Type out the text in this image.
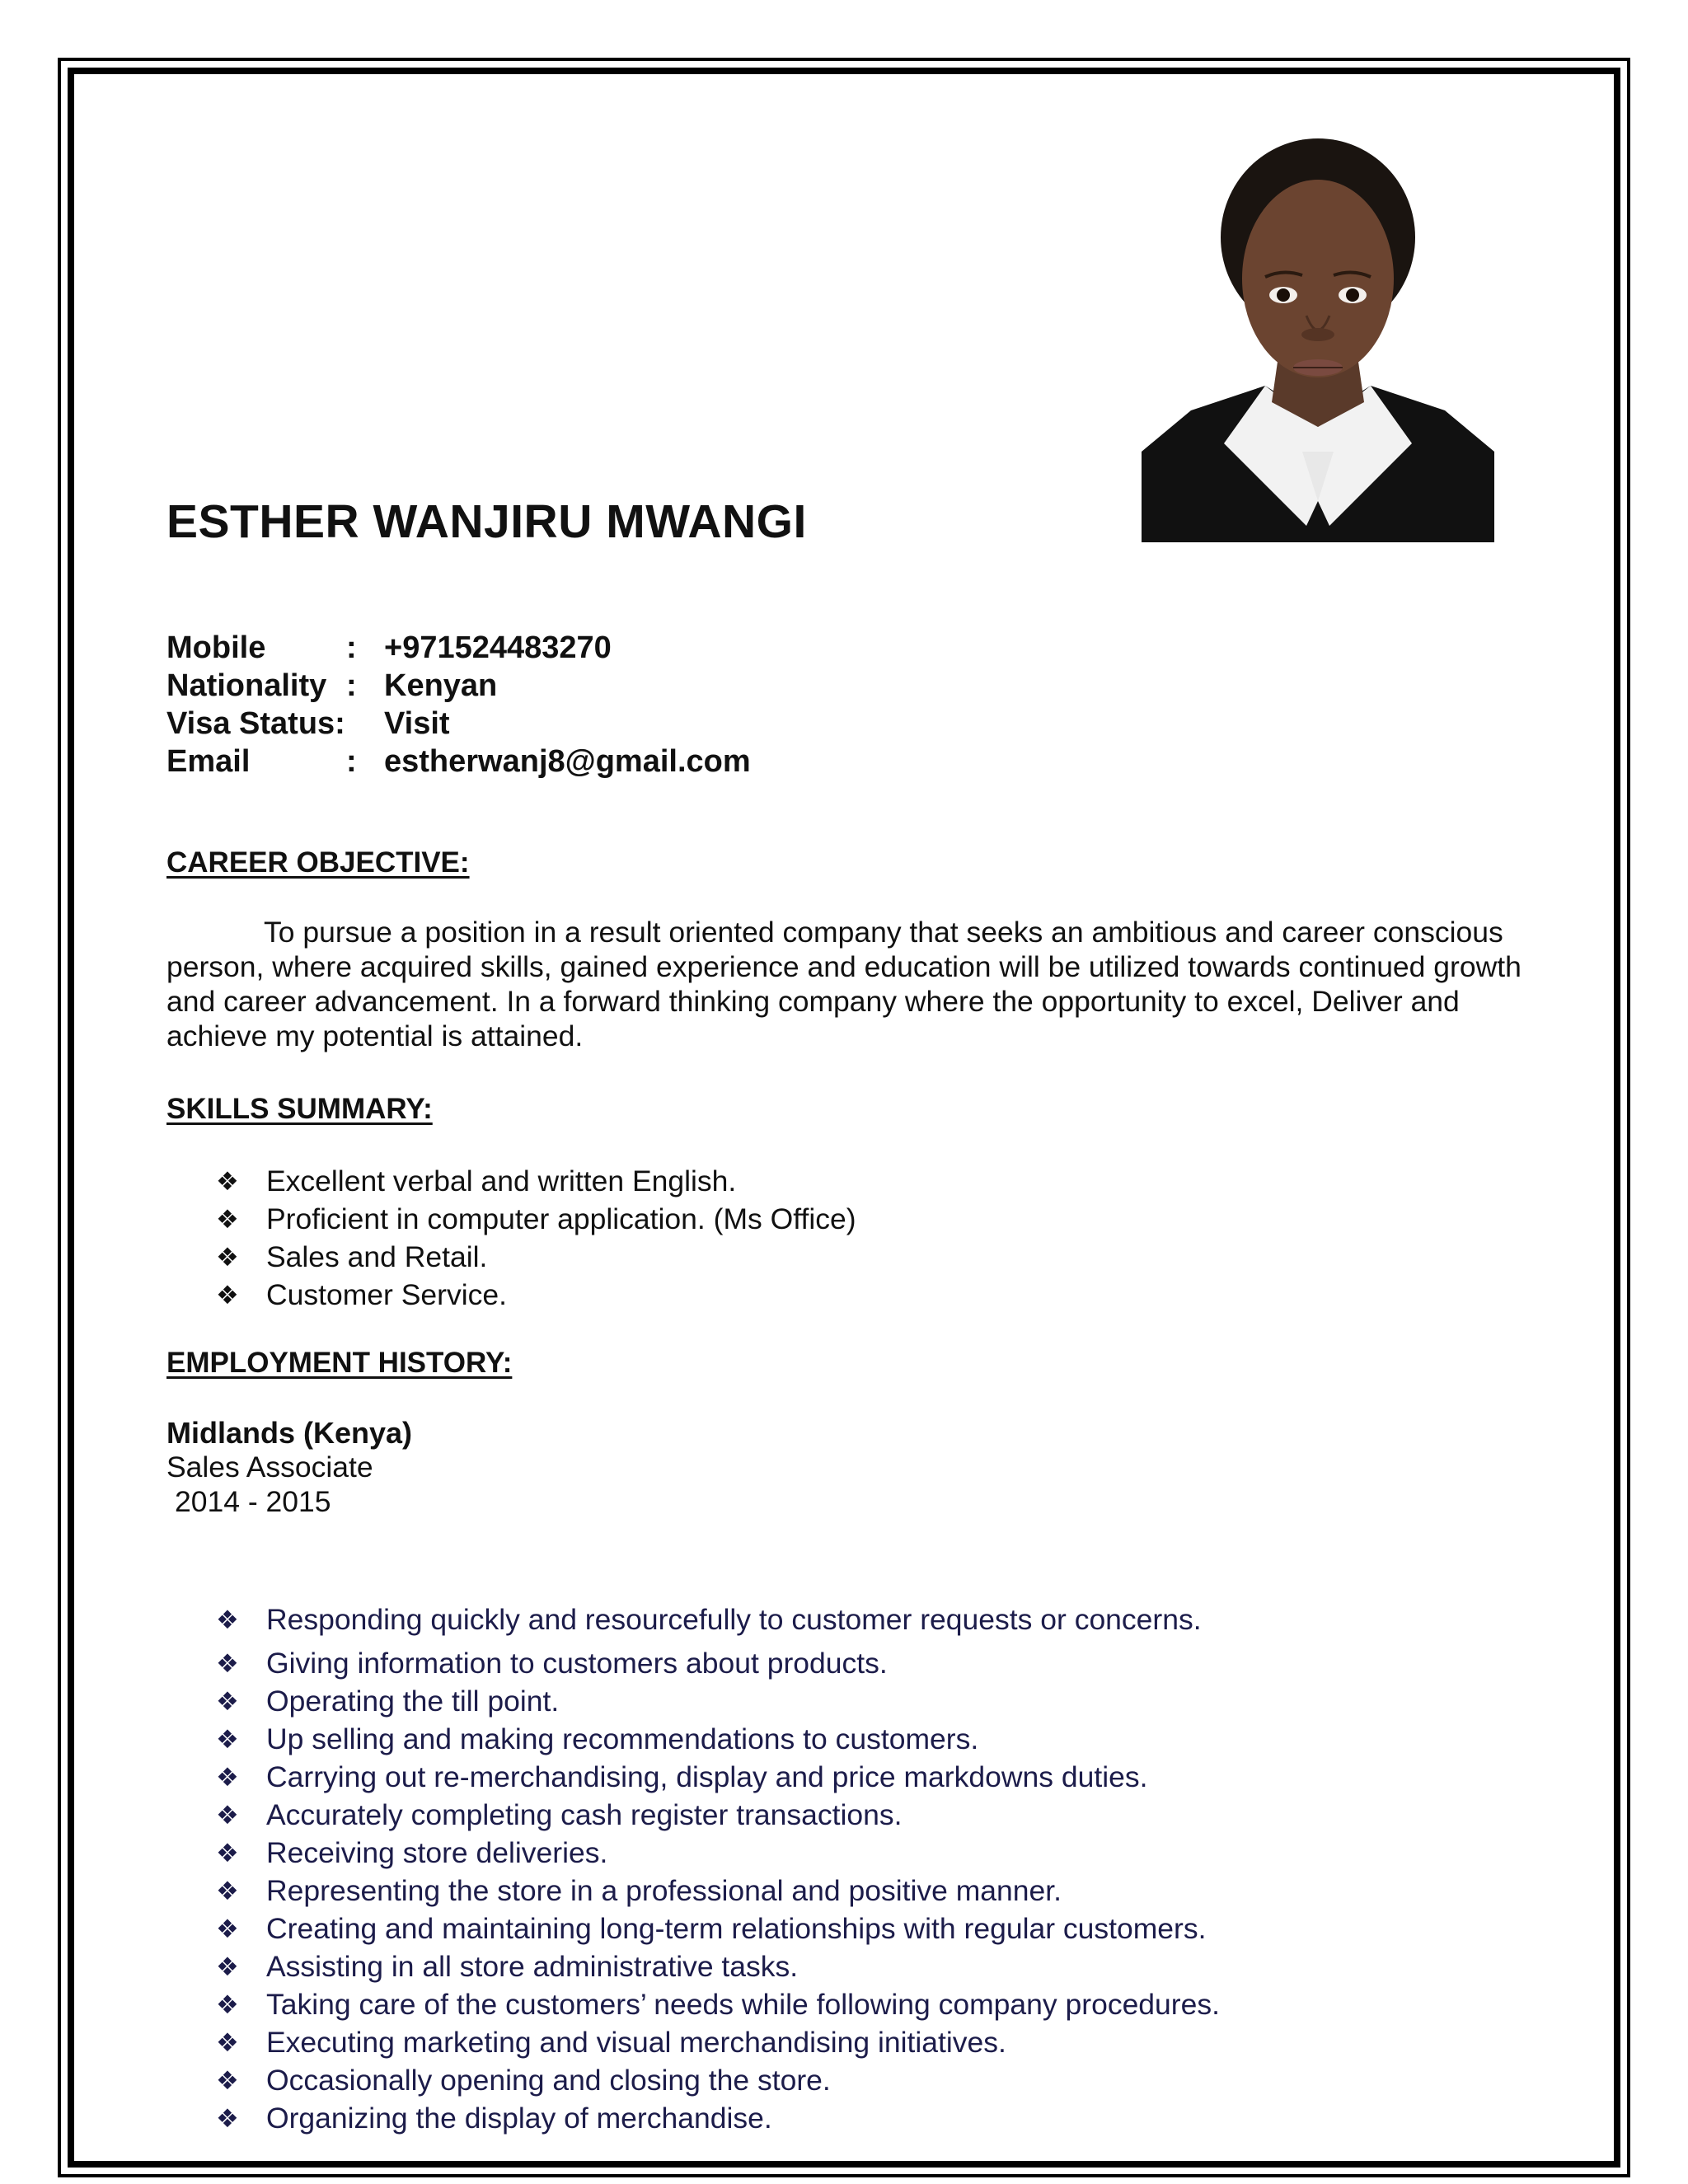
ESTHER WANJIRU MWANGI
Mobile	: +971524483270
Nationality : Kenyan
Visa Status: Visit
Email	: estherwanj8@gmail.com
CAREER OBJECTIVE:

To pursue a position in a result oriented company that seeks an ambitious and career conscious person, where acquired skills, gained experience and education will be utilized towards continued growth and career advancement. In a forward thinking company where the opportunity to excel, Deliver and achieve my potential is attained.

SKILLS SUMMARY:
❖ Excellent verbal and written English.
❖ Proficient in computer application. (Ms Office)
❖ Sales and Retail.
❖ Customer Service.
EMPLOYMENT HISTORY:
Midlands (Kenya)
Sales Associate
2014 - 2015
❖ Responding quickly and resourcefully to customer requests or concerns.
❖ Giving information to customers about products.
❖ Operating the till point.
❖ Up selling and making recommendations to customers.
❖ Carrying out re-merchandising, display and price markdowns duties.
❖ Accurately completing cash register transactions.
❖ Receiving store deliveries.
❖ Representing the store in a professional and positive manner.
❖ Creating and maintaining long-term relationships with regular customers.
❖ Assisting in all store administrative tasks.
❖ Taking care of the customers’ needs while following company procedures.
❖ Executing marketing and visual merchandising initiatives.
❖ Occasionally opening and closing the store.
❖ Organizing the display of merchandise.
